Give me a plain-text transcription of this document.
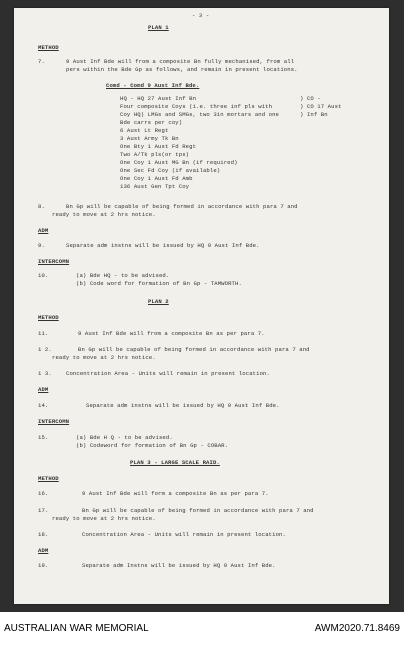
- 3 -
PLAN 1
METHOD
7.	9 Aust Inf Bde will from a composite Bn fully mechanised, from all
pers within the Bde Gp as follows, and remain in present locations.
Comd - Comd 9 Aust Inf Bde.
HQ - HQ 27 Aust Inf Bn	) CO -
Four composite Coys (i.e. three inf pls with	) CO 17 Aust
Coy HQ) LMGs and SMGs, two 3in mortars and one	) Inf Bn
Bde carrs per coy)
6 Aust Lt Regt
3 Aust Army Tk Bn
One Bty 1 Aust Fd Regt
Two A/Tk pls(or tps)
One Coy 1 Aust MG Bn (if required)
One Sec Fd Coy (if available)
One Coy 1 Aust Fd Amb
136 Aust Gen Tpt Coy
8.	Bn Gp will be capable of being formed in accordance with para 7 and
ready to move at 2 hrs notice.
ADM
9.	Separate adm instns will be issued by HQ 9 Aust Inf Bde.
INTERCOMN
10.	(a) Bde HQ - to be advised.
(b) Code word for formation of Bn Gp - TAMWORTH.
PLAN 2
METHOD
11.	9 Aust Inf Bde will from a composite Bn as per para 7.
1 2.	Bn Gp will be capable of being formed in accordance with para 7 and
ready to move at 2 hrs notice.
1 3.	Concentration Area - Units will remain in present location.
ADM
14.	Separate adm instns will be issued by HQ 9 Aust Inf Bde.
INTERCOMN
15.	(a) Bde H Q - to be advised.
(b) Codeword for formation of Bn Gp - COBAR.
PLAN 3 - LARGE SCALE RAID.
METHOD
16.	9 Aust Inf Bde will form a composite Bn as per para 7.
17.	Bn Gp will be capable of being formed in accordance with para 7 and
ready to move at 2 hrs notice.
18.	Concentration Area - Units will remain in present location.
ADM
19.	Separate adm Instns will be issued by HQ 9 Aust Inf Bde.
AUSTRALIAN WAR MEMORIAL	AWM2020.71.8469
